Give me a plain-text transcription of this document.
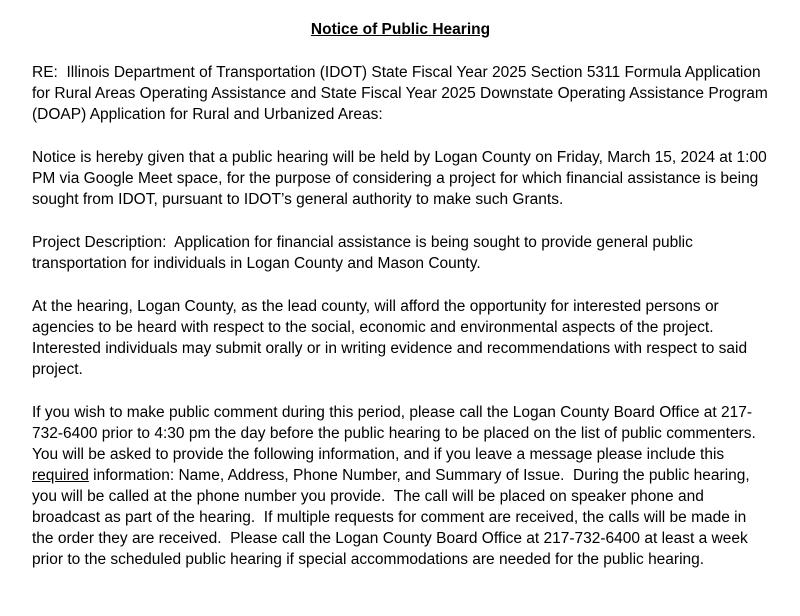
Notice of Public Hearing

RE:  Illinois Department of Transportation (IDOT) State Fiscal Year 2025 Section 5311 Formula Application for Rural Areas Operating Assistance and State Fiscal Year 2025 Downstate Operating Assistance Program (DOAP) Application for Rural and Urbanized Areas:

Notice is hereby given that a public hearing will be held by Logan County on Friday, March 15, 2024 at 1:00 PM via Google Meet space, for the purpose of considering a project for which financial assistance is being sought from IDOT, pursuant to IDOT’s general authority to make such Grants.

Project Description:  Application for financial assistance is being sought to provide general public transportation for individuals in Logan County and Mason County.

At the hearing, Logan County, as the lead county, will afford the opportunity for interested persons or agencies to be heard with respect to the social, economic and environmental aspects of the project.  Interested individuals may submit orally or in writing evidence and recommendations with respect to said project.

If you wish to make public comment during this period, please call the Logan County Board Office at 217-732-6400 prior to 4:30 pm the day before the public hearing to be placed on the list of public commenters.  You will be asked to provide the following information, and if you leave a message please include this required information: Name, Address, Phone Number, and Summary of Issue.  During the public hearing, you will be called at the phone number you provide.  The call will be placed on speaker phone and broadcast as part of the hearing.  If multiple requests for comment are received, the calls will be made in the order they are received.  Please call the Logan County Board Office at 217-732-6400 at least a week prior to the scheduled public hearing if special accommodations are needed for the public hearing.
